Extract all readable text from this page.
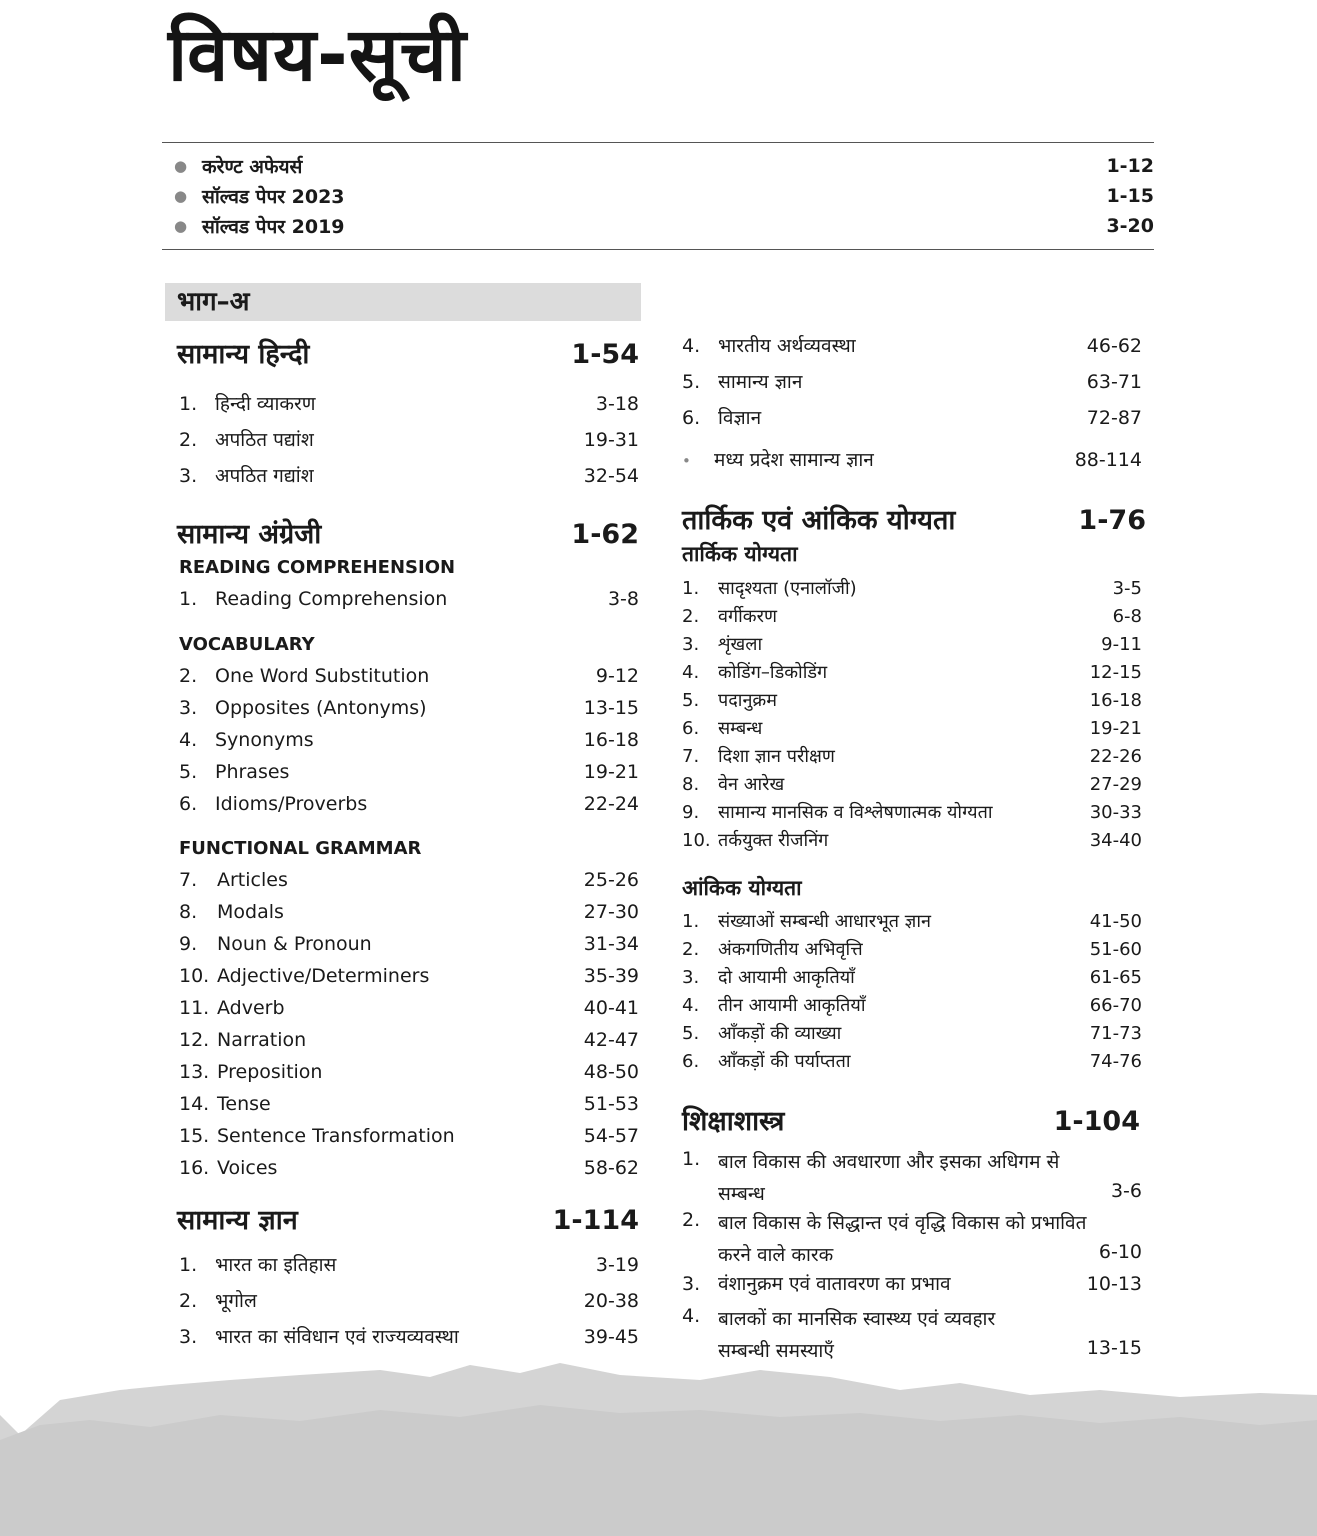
विषय-सूची
● करेण्ट अफेयर्स	1-12
● सॉल्वड पेपर 2023	1-15
● सॉल्वड पेपर 2019	3-20
भाग–अ
सामान्य हिन्दी	1-54
1. हिन्दी व्याकरण	3-18
2. अपठित पद्यांश	19-31
3. अपठित गद्यांश	32-54
सामान्य अंग्रेजी	1-62
READING COMPREHENSION
1. Reading Comprehension	3-8
VOCABULARY
2. One Word Substitution	9-12
3. Opposites (Antonyms)	13-15
4. Synonyms	16-18
5. Phrases	19-21
6. Idioms/Proverbs	22-24
FUNCTIONAL GRAMMAR
7.	Articles	25-26
8.	Modals	27-30
9.	Noun & Pronoun	31-34
10. Adjective/Determiners	35-39
11. Adverb	40-41
12. Narration	42-47
13. Preposition	48-50
14. Tense	51-53
15. Sentence Transformation	54-57
16. Voices	58-62
सामान्य ज्ञान	1-114
1. भारत का इतिहास	3-19
2. भूगोल	20-38
3. भारत का संविधान एवं राज्यव्यवस्था	39-45
4. भारतीय अर्थव्यवस्था	46-62
5. सामान्य ज्ञान	63-71
6. विज्ञान	72-87
•	मध्य प्रदेश सामान्य ज्ञान	88-114
तार्किक एवं आंकिक योग्यता	1-76
तार्किक योग्यता
1.	सादृश्यता (एनालॉजी)	3-5
2.	वर्गीकरण	6-8
3.	शृंखला	9-11
4.	कोडिंग–डिकोडिंग	12-15
5.	पदानुक्रम	16-18
6.	सम्बन्ध	19-21
7.	दिशा ज्ञान परीक्षण	22-26
8.	वेन आरेख	27-29
9.	सामान्य मानसिक व विश्लेषणात्मक योग्यता	30-33
10. तर्कयुक्त रीजनिंग	34-40
आंकिक योग्यता
1.	संख्याओं सम्बन्धी आधारभूत ज्ञान	41-50
2.	अंकगणितीय अभिवृत्ति	51-60
3.	दो आयामी आकृतियाँ	61-65
4.	तीन आयामी आकृतियाँ	66-70
5.	आँकड़ों की व्याख्या	71-73
6.	आँकड़ों की पर्याप्तता	74-76
शिक्षाशास्त्र	1-104
1. बाल विकास की अवधारणा और इसका अधिगम से
सम्बन्ध	3-6
2. बाल विकास के सिद्धान्त एवं वृद्धि विकास को प्रभावित
करने वाले कारक	6-10
3. वंशानुक्रम एवं वातावरण का प्रभाव	10-13
4. बालकों का मानसिक स्वास्थ्य एवं व्यवहार
सम्बन्धी समस्याएँ	13-15
